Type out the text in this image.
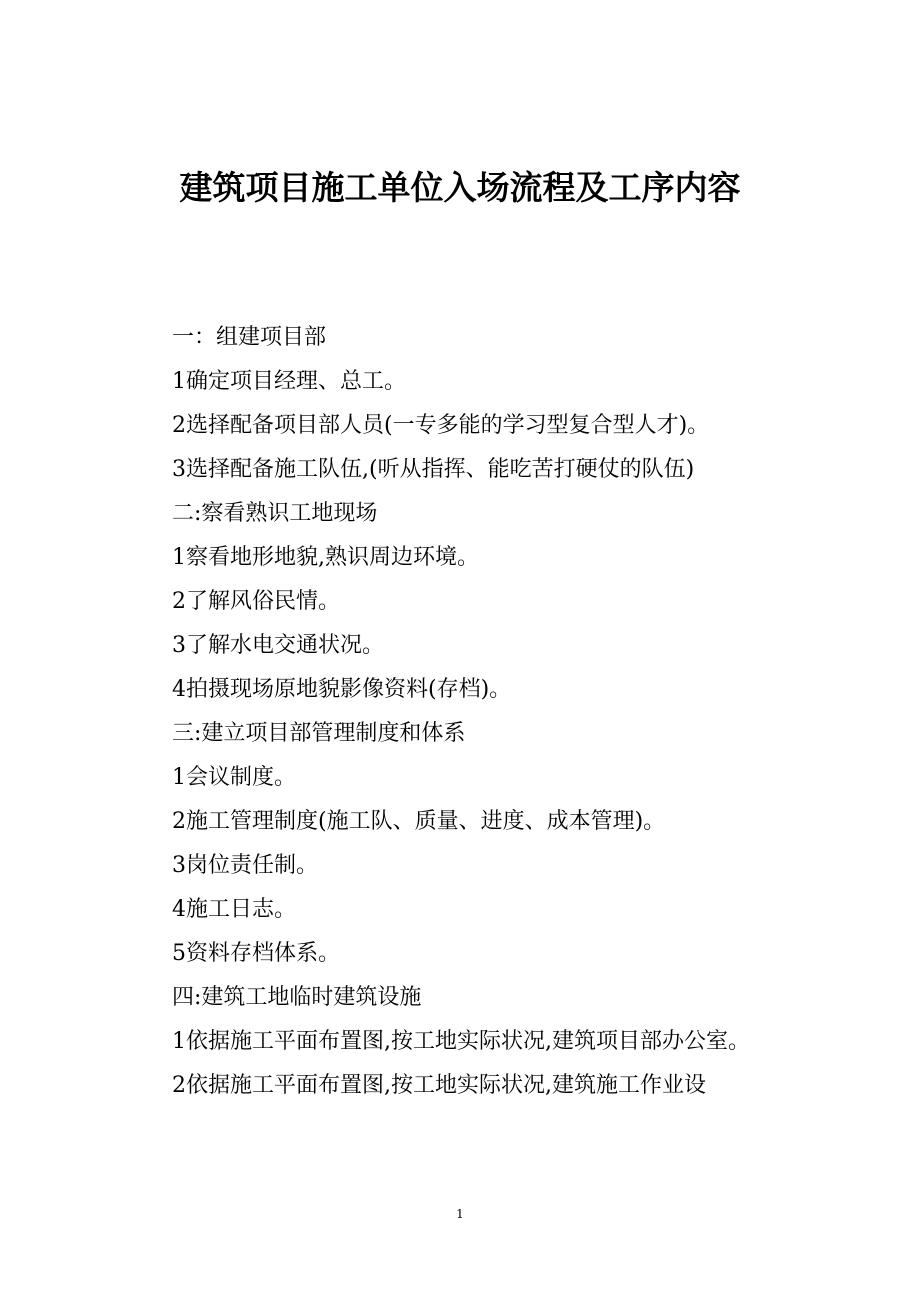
建筑项目施工单位入场流程及工序内容
一：组建项目部
1确定项目经理、总工。
2选择配备项目部人员(一专多能的学习型复合型人才)。
3选择配备施工队伍,(听从指挥、能吃苦打硬仗的队伍)
二:察看熟识工地现场
1察看地形地貌,熟识周边环境。
2了解风俗民情。
3了解水电交通状况。
4拍摄现场原地貌影像资料(存档)。
三:建立项目部管理制度和体系
1会议制度。
2施工管理制度(施工队、质量、进度、成本管理)。
3岗位责任制。
4施工日志。
5资料存档体系。
四:建筑工地临时建筑设施
1依据施工平面布置图,按工地实际状况,建筑项目部办公室。
2依据施工平面布置图,按工地实际状况,建筑施工作业设
1
